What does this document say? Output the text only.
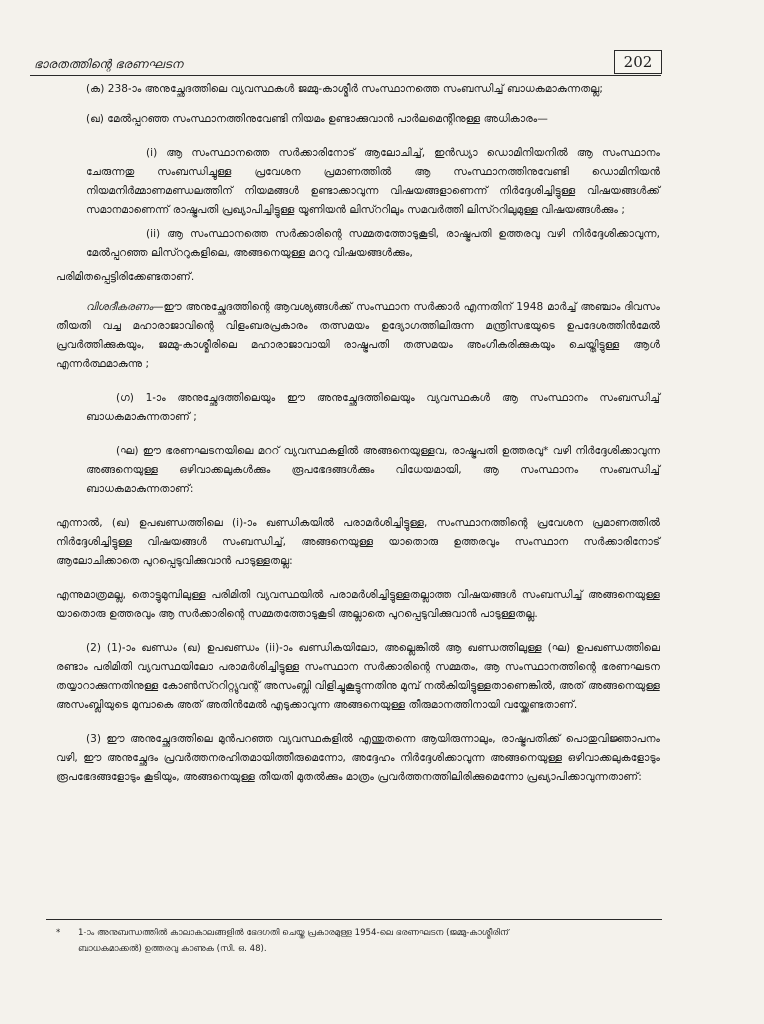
ഭാരതത്തിന്റെ ഭരണഘടന	202

(ക) 238-ാം അനുച്ഛേദത്തിലെ വ്യവസ്ഥകൾ ജമ്മു-കാശ്മീർ സംസ്ഥാനത്തെ സംബന്ധിച്ച് ബാധകമാകുന്നതല്ല;

(ഖ) മേൽപ്പറഞ്ഞ സംസ്ഥാനത്തിനുവേണ്ടി നിയമം ഉണ്ടാക്കുവാൻ പാർലമെന്റിനുള്ള അധികാരം—

(i) ആ സംസ്ഥാനത്തെ സർക്കാരിനോട് ആലോചിച്ച്, ഇൻഡ്യാ ഡൊമിനിയനിൽ ആ സംസ്ഥാനം ചേരുന്നതു സംബന്ധിച്ചുള്ള പ്രവേശന പ്രമാണത്തിൽ ആ സംസ്ഥാനത്തിനുവേണ്ടി ഡൊമിനിയൻ നിയമനിർമ്മാണമണ്ഡലത്തിന് നിയമങ്ങൾ ഉണ്ടാക്കാവുന്ന വിഷയങ്ങളാണെന്ന് നിർദ്ദേശിച്ചിട്ടുള്ള വിഷയങ്ങൾക്ക് സമാനമാണെന്ന് രാഷ്ട്രപതി പ്രഖ്യാപിച്ചിട്ടുള്ള യൂണിയൻ ലിസ്ററിലും സമവർത്തി ലിസ്ററിലുമുള്ള വിഷയങ്ങൾക്കും ;

(ii) ആ സംസ്ഥാനത്തെ സർക്കാരിന്റെ സമ്മതത്തോടുകൂടി, രാഷ്ട്രപതി ഉത്തരവു വഴി നിർദ്ദേശിക്കാവുന്ന, മേൽപ്പറഞ്ഞ ലിസ്ററുകളിലെ, അങ്ങനെയുള്ള മററു വിഷയങ്ങൾക്കും,

പരിമിതപ്പെട്ടിരിക്കേണ്ടതാണ്.

വിശദീകരണം—ഈ അനുച്ഛേദത്തിന്റെ ആവശ്യങ്ങൾക്ക് സംസ്ഥാന സർക്കാർ എന്നതിന് 1948 മാർച്ച് അഞ്ചാം ദിവസം തീയതി വച്ച മഹാരാജാവിന്റെ വിളംബരപ്രകാരം തത്സമയം ഉദ്യോഗത്തിലിരുന്ന മന്ത്രിസഭയുടെ ഉപദേശത്തിൻമേൽ പ്രവർത്തിക്കുകയും, ജമ്മു-കാശ്മീരിലെ മഹാരാജാവായി രാഷ്ട്രപതി തത്സമയം അംഗീകരിക്കുകയും ചെയ്തിട്ടുള്ള ആൾ എന്നർത്ഥമാകുന്നു ;

(ഗ) 1-ാം അനുച്ഛേദത്തിലെയും ഈ അനുച്ഛേദത്തിലെയും വ്യവസ്ഥകൾ ആ സംസ്ഥാനം സംബന്ധിച്ച് ബാധകമാകുന്നതാണ് ;

(ഘ) ഈ ഭരണഘടനയിലെ മററ് വ്യവസ്ഥകളിൽ അങ്ങനെയുള്ളവ, രാഷ്ട്രപതി ഉത്തരവു* വഴി നിർദ്ദേശിക്കാവുന്ന അങ്ങനെയുള്ള ഒഴിവാക്കലുകൾക്കും രൂപഭേദങ്ങൾക്കും വിധേയമായി, ആ സംസ്ഥാനം സംബന്ധിച്ച് ബാധകമാകുന്നതാണ്:

എന്നാൽ, (ഖ) ഉപഖണ്ഡത്തിലെ (i)-ാം ഖണ്ഡികയിൽ പരാമർശിച്ചിട്ടുള്ള, സംസ്ഥാനത്തിന്റെ പ്രവേശന പ്രമാണത്തിൽ നിർദ്ദേശിച്ചിട്ടുള്ള വിഷയങ്ങൾ സംബന്ധിച്ച്, അങ്ങനെയുള്ള യാതൊരു ഉത്തരവും സംസ്ഥാന സർക്കാരിനോട് ആലോചിക്കാതെ പുറപ്പെടുവിക്കുവാൻ പാടുള്ളതല്ല:

എന്നുമാത്രമല്ല, തൊട്ടുമുമ്പിലുള്ള പരിമിതി വ്യവസ്ഥയിൽ പരാമർശിച്ചിട്ടുള്ളതല്ലാത്ത വിഷയങ്ങൾ സംബന്ധിച്ച് അങ്ങനെയുള്ള യാതൊരു ഉത്തരവും ആ സർക്കാരിന്റെ സമ്മതത്തോടുകൂടി അല്ലാതെ പുറപ്പെടുവിക്കുവാൻ പാടുള്ളതല്ല.

(2) (1)-ാം ഖണ്ഡം (ഖ) ഉപഖണ്ഡം (ii)-ാം ഖണ്ഡികയിലോ, അല്ലെങ്കിൽ ആ ഖണ്ഡത്തിലുള്ള (ഘ) ഉപഖണ്ഡത്തിലെ രണ്ടാം പരിമിതി വ്യവസ്ഥയിലോ പരാമർശിച്ചിട്ടുള്ള സംസ്ഥാന സർക്കാരിന്റെ സമ്മതം, ആ സംസ്ഥാനത്തിന്റെ ഭരണഘടന തയ്യാറാക്കുന്നതിനുള്ള കോൺസ്ററിറ്റ്യുവന്റ് അസംബ്ലി വിളിച്ചുകൂട്ടുന്നതിനു മുമ്പ് നൽകിയിട്ടുള്ളതാണെങ്കിൽ, അത് അങ്ങനെയുള്ള അസംബ്ലിയുടെ മുമ്പാകെ അത് അതിൻമേൽ എടുക്കാവുന്ന അങ്ങനെയുള്ള തീരുമാനത്തിനായി വയ്ക്കേണ്ടതാണ്.

(3) ഈ അനുച്ഛേദത്തിലെ മുൻപറഞ്ഞ വ്യവസ്ഥകളിൽ എന്തുതന്നെ ആയിരുന്നാലും, രാഷ്ട്രപതിക്ക് പൊതുവിജ്ഞാപനം വഴി, ഈ അനുച്ഛേദം പ്രവർത്തനരഹിതമായിത്തീരുമെന്നോ, അദ്ദേഹം നിർദ്ദേശിക്കാവുന്ന അങ്ങനെയുള്ള ഒഴിവാക്കലുകളോടും രൂപഭേദങ്ങളോടും കൂടിയും, അങ്ങനെയുള്ള തീയതി മുതൽക്കും മാത്രം പ്രവർത്തനത്തിലിരിക്കുമെന്നോ പ്രഖ്യാപിക്കാവുന്നതാണ്:

* 1-ാം അനുബന്ധത്തിൽ കാലാകാലങ്ങളിൽ ഭേദഗതി ചെയ്ത പ്രകാരമുള്ള 1954-ലെ ഭരണഘടന (ജമ്മു-കാശ്മീരിന്
ബാധകമാക്കൽ) ഉത്തരവു കാണുക (സി. ഒ. 48).
